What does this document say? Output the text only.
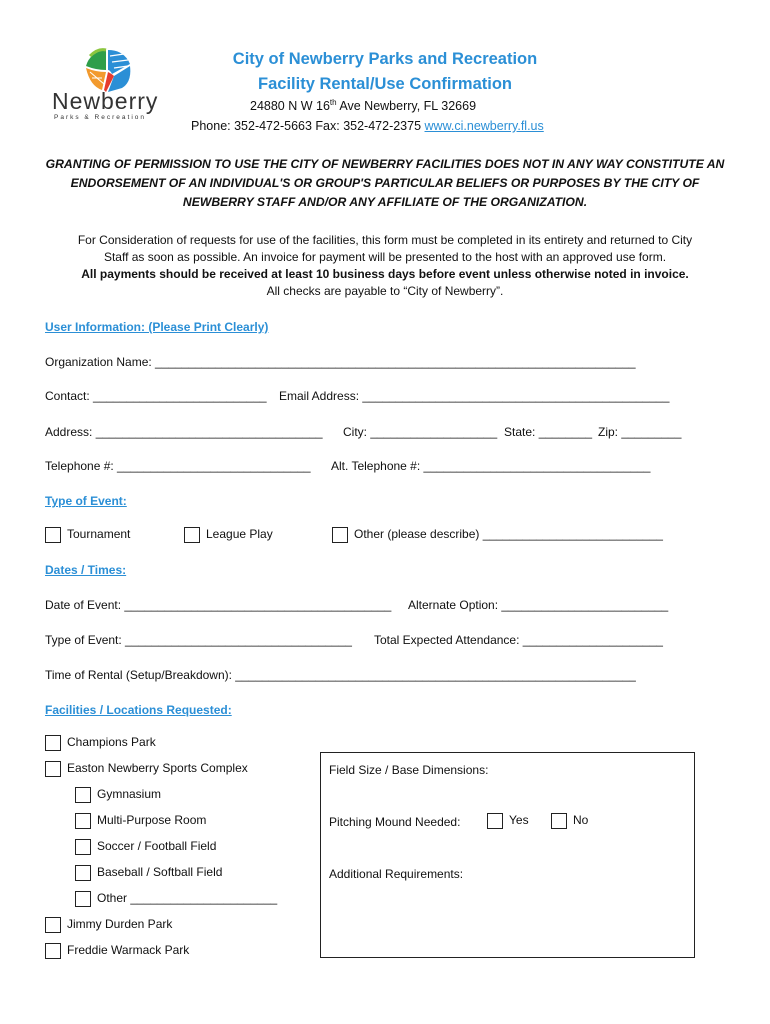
Newberry
Parks & Recreation
City of Newberry Parks and Recreation
Facility Rental/Use Confirmation
24880 N W 16th Ave Newberry, FL 32669
Phone: 352-472-5663 Fax: 352-472-2375 www.ci.newberry.fl.us
GRANTING OF PERMISSION TO USE THE CITY OF NEWBERRY FACILITIES DOES NOT IN ANY WAY CONSTITUTE AN ENDORSEMENT OF AN INDIVIDUAL'S OR GROUP'S PARTICULAR BELIEFS OR PURPOSES BY THE CITY OF NEWBERRY STAFF AND/OR ANY AFFILIATE OF THE ORGANIZATION.
For Consideration of requests for use of the facilities, this form must be completed in its entirety and returned to City
Staff as soon as possible. An invoice for payment will be presented to the host with an approved use form.
All payments should be received at least 10 business days before event unless otherwise noted in invoice.
All checks are payable to “City of Newberry”.
User Information: (Please Print Clearly)
Organization Name: ________________________________________________________________________
Contact: __________________________ Email Address: ______________________________________________
Address: __________________________________ City: ___________________ State: ________ Zip: _________
Telephone #: _____________________________ Alt. Telephone #: __________________________________
Type of Event:
Tournament	League Play	Other (please describe) ___________________________
Dates / Times:
Date of Event: ________________________________________ Alternate Option: _________________________
Type of Event: __________________________________ Total Expected Attendance: _____________________
Time of Rental (Setup/Breakdown): ____________________________________________________________
Facilities / Locations Requested:
Champions Park
Easton Newberry Sports Complex
Gymnasium
Multi-Purpose Room
Soccer / Football Field
Baseball / Softball Field
Other ______________________
Jimmy Durden Park
Freddie Warmack Park
Field Size / Base Dimensions:
Pitching Mound Needed:	Yes	No
Additional Requirements:
